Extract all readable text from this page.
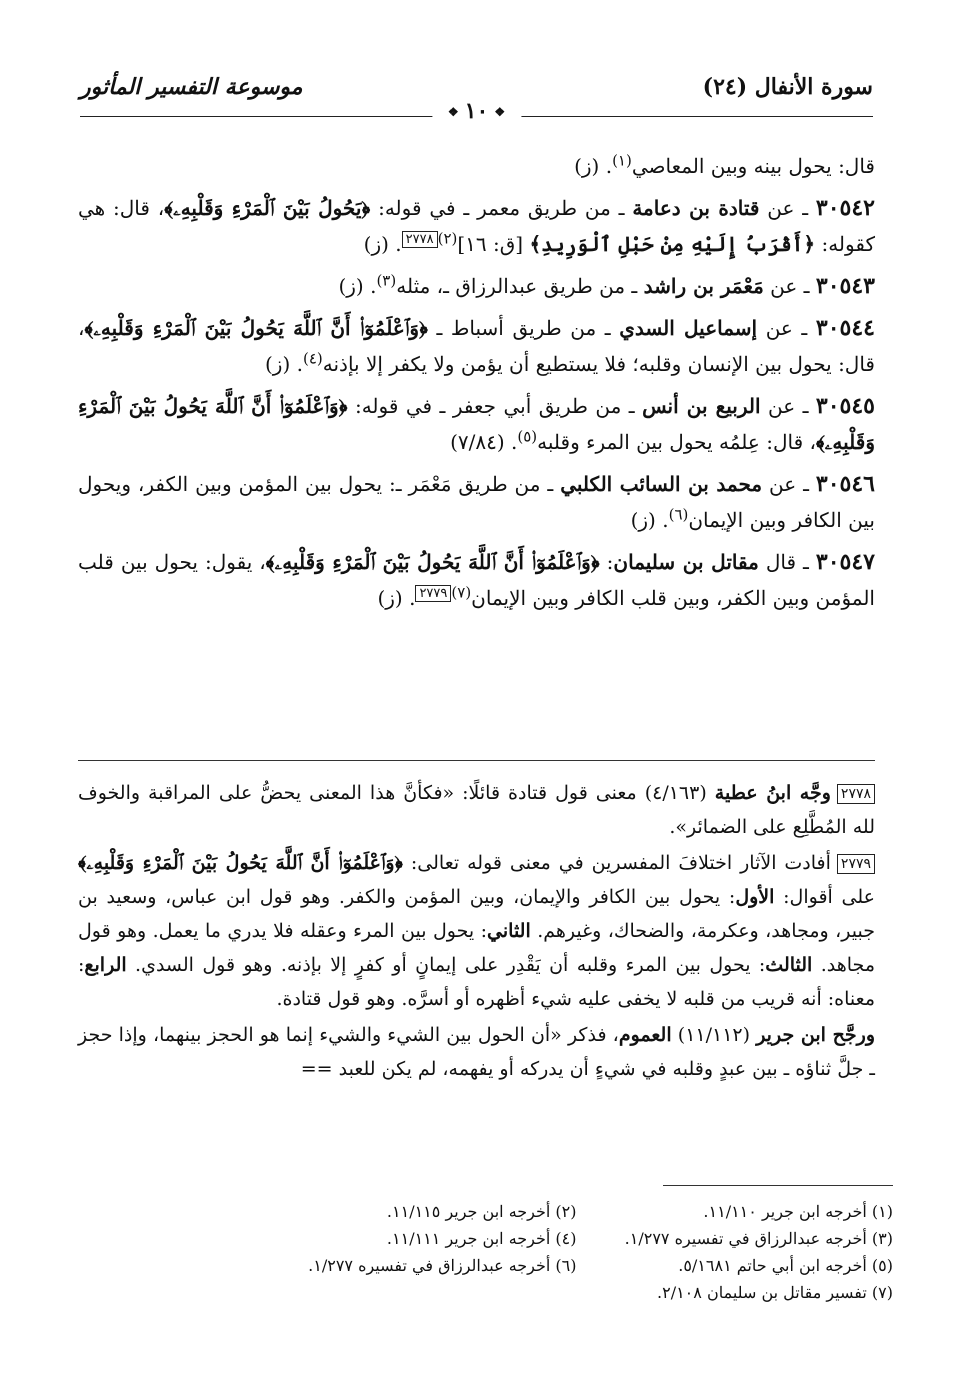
سورة الأنفال (٢٤)
❖ ١٠ ❖
موسوعة التفسير المأثور

قال: يحول بينه وبين المعاصي$^{(١)}$. (ز)

٣٠٥٤٢ ـ عن قتادة بن دعامة ـ من طريق معمر ـ في قوله: ﴿يَحُولُ بَيْنَ ٱلْمَرْءِ وَقَلْبِهِۦ﴾، قال: هي كقوله: ﴿أَقْرَبُ إِلَيْهِ مِنْ حَبْلِ ٱلْوَرِيدِ﴾ [ق: ١٦]$^{(٢)}$٢٧٧٨. (ز)

٣٠٥٤٣ ـ عن مَعْمَر بن راشد ـ من طريق عبدالرزاق ـ، مثله$^{(٣)}$. (ز)

٣٠٥٤٤ ـ عن إسماعيل السدي ـ من طريق أسباط ـ ﴿وَٱعْلَمُوٓا۟ أَنَّ ٱللَّهَ يَحُولُ بَيْنَ ٱلْمَرْءِ وَقَلْبِهِۦ﴾، قال: يحول بين الإنسان وقلبه؛ فلا يستطيع أن يؤمن ولا يكفر إلا بإذنه$^{(٤)}$. (ز)

٣٠٥٤٥ ـ عن الربيع بن أنس ـ من طريق أبي جعفر ـ في قوله: ﴿وَٱعْلَمُوٓا۟ أَنَّ ٱللَّهَ يَحُولُ بَيْنَ ٱلْمَرْءِ وَقَلْبِهِۦ﴾، قال: عِلمُه يحول بين المرء وقلبه$^{(٥)}$. (٧/٨٤)

٣٠٥٤٦ ـ عن محمد بن السائب الكلبي ـ من طريق مَعْمَر ـ: يحول بين المؤمن وبين الكفر، ويحول بين الكافر وبين الإيمان$^{(٦)}$. (ز)

٣٠٥٤٧ ـ قال مقاتل بن سليمان: ﴿وَٱعْلَمُوٓا۟ أَنَّ ٱللَّهَ يَحُولُ بَيْنَ ٱلْمَرْءِ وَقَلْبِهِۦ﴾، يقول: يحول بين قلب المؤمن وبين الكفر، وبين قلب الكافر وبين الإيمان$^{(٧)}$٢٧٧٩. (ز)

٢٧٧٨وجَّه ابنُ عطية (٤/١٦٣) معنى قول قتادة قائلًا: «فكأنَّ هذا المعنى يحضُّ على المراقبة والخوف لله المُطَّلِع على الضمائر».

٢٧٧٩أفادت الآثار اختلافَ المفسرين في معنى قوله تعالى: ﴿وَٱعْلَمُوٓا۟ أَنَّ ٱللَّهَ يَحُولُ بَيْنَ ٱلْمَرْءِ وَقَلْبِهِۦ﴾ على أقوال: الأول: يحول بين الكافر والإيمان، وبين المؤمن والكفر. وهو قول ابن عباس، وسعيد بن جبير، ومجاهد، وعكرمة، والضحاك، وغيرهم. الثاني: يحول بين المرء وعقله فلا يدري ما يعمل. وهو قول مجاهد. الثالث: يحول بين المرء وقلبه أن يَقْدِر على إيمانٍ أو كفرٍ إلا بإذنه. وهو قول السدي. الرابع: معناه: أنه قريب من قلبه لا يخفى عليه شيء أظهره أو أسرَّه. وهو قول قتادة.

ورجَّح ابن جرير (١١/١١٢) العموم، فذكر «أن الحول بين الشيء والشيء إنما هو الحجز بينهما، وإذا حجز ـ جلَّ ثناؤه ـ بين عبدٍ وقلبه في شيءٍ أن يدركه أو يفهمه، لم يكن للعبد ==

(١) أخرجه ابن جرير ١١/١١٠.
(٢) أخرجه ابن جرير ١١/١١٥.
(٣) أخرجه عبدالرزاق في تفسيره ١/٢٧٧.
(٤) أخرجه ابن جرير ١١/١١١.
(٥) أخرجه ابن أبي حاتم ٥/١٦٨١.
(٦) أخرجه عبدالرزاق في تفسيره ١/٢٧٧.
(٧) تفسير مقاتل بن سليمان ٢/١٠٨.
